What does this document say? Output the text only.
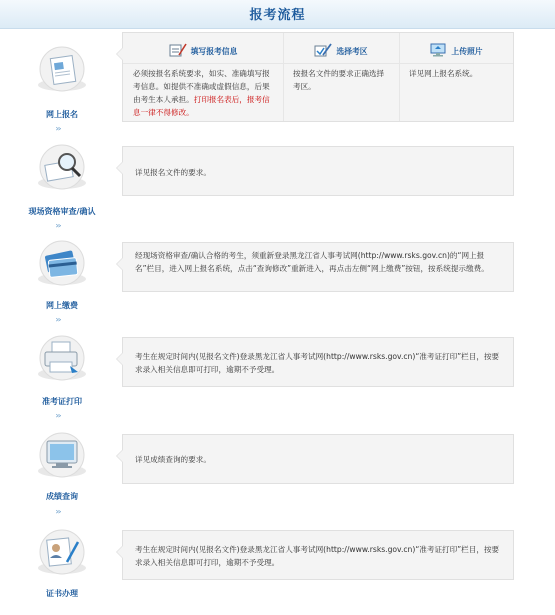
报考流程
网上报名
»
填写报考信息
必须按报名系统要求，如实、准确填写报考信息。如提供不准确或虚假信息，后果由考生本人承担。打印报名表后，报考信息一律不得修改。
选择考区
按报名文件的要求正确选择考区。
上传照片
详见网上报名系统。
现场资格审查/确认
»
详见报名文件的要求。
网上缴费
»
经现场资格审查/确认合格的考生，须重新登录黑龙江省人事考试网(http://www.rsks.gov.cn)的“网上报名”栏目，进入网上报名系统，点击“查询修改”重新进入，再点击左侧“网上缴费”按钮，按系统提示缴费。
准考证打印
»
考生在规定时间内(见报名文件)登录黑龙江省人事考试网(http://www.rsks.gov.cn)“准考证打印”栏目，按要求录入相关信息即可打印，逾期不予受理。
成绩查询
»
详见成绩查询的要求。
证书办理
考生在规定时间内(见报名文件)登录黑龙江省人事考试网(http://www.rsks.gov.cn)“准考证打印”栏目，按要求录入相关信息即可打印，逾期不予受理。
